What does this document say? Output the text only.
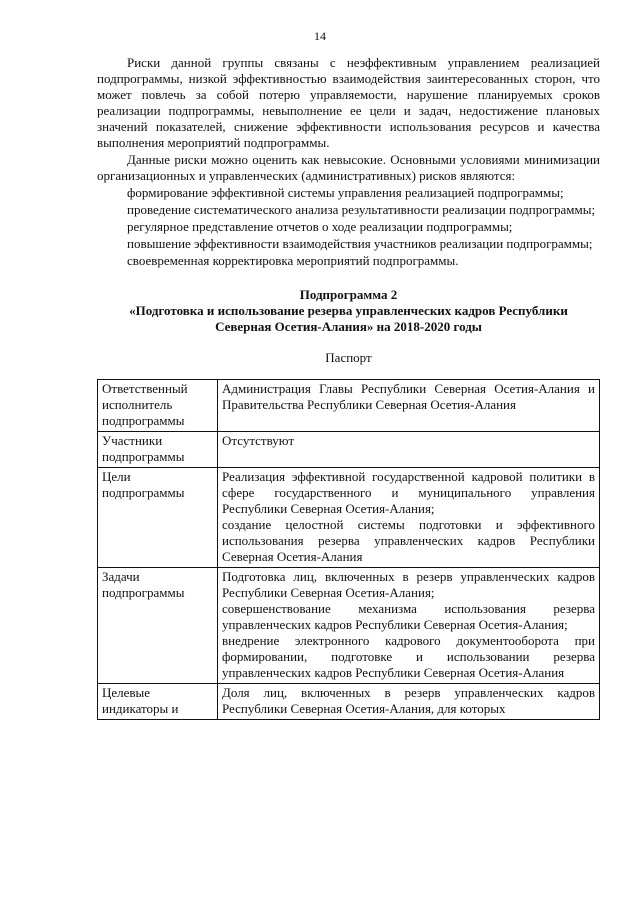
14

Риски данной группы связаны с неэффективным управлением реализацией подпрограммы, низкой эффективностью взаимодействия заинтересованных сторон, что может повлечь за собой потерю управляемости, нарушение планируемых сроков реализации подпрограммы, невыполнение ее цели и задач, недостижение плановых значений показателей, снижение эффективности использования ресурсов и качества выполнения мероприятий подпрограммы.

Данные риски можно оценить как невысокие. Основными условиями минимизации организационных и управленческих (административных) рисков являются:

формирование эффективной системы управления реализацией подпрограммы;

проведение систематического анализа результативности реализации подпрограммы;

регулярное представление отчетов о ходе реализации подпрограммы;

повышение эффективности взаимодействия участников реализации подпрограммы;

своевременная корректировка мероприятий подпрограммы.

Подпрограмма 2
«Подготовка и использование резерва управленческих кадров Республики
Северная Осетия-Алания» на 2018-2020 годы
Паспорт
Ответственный исполнитель подпрограммы	Администрация Главы Республики Северная Осетия-Алания и Правительства Республики Северная Осетия-Алания

Участники подпрограммы	Отсутствуют

Цели подпрограммы	Реализация эффективной государственной кадровой политики в сфере государственного и муниципального управления Республики Северная Осетия-Алания;
создание целостной системы подготовки и эффективного использования резерва управленческих кадров Республики Северная Осетия-Алания

Задачи подпрограммы	Подготовка лиц, включенных в резерв управленческих кадров Республики Северная Осетия-Алания;
совершенствование механизма использования резерва управленческих кадров Республики Северная Осетия-Алания;
внедрение электронного кадрового документооборота при формировании, подготовке и использовании резерва управленческих кадров Республики Северная Осетия-Алания

Целевые индикаторы и	Доля лиц, включенных в резерв управленческих кадров Республики Северная Осетия-Алания, для которых
